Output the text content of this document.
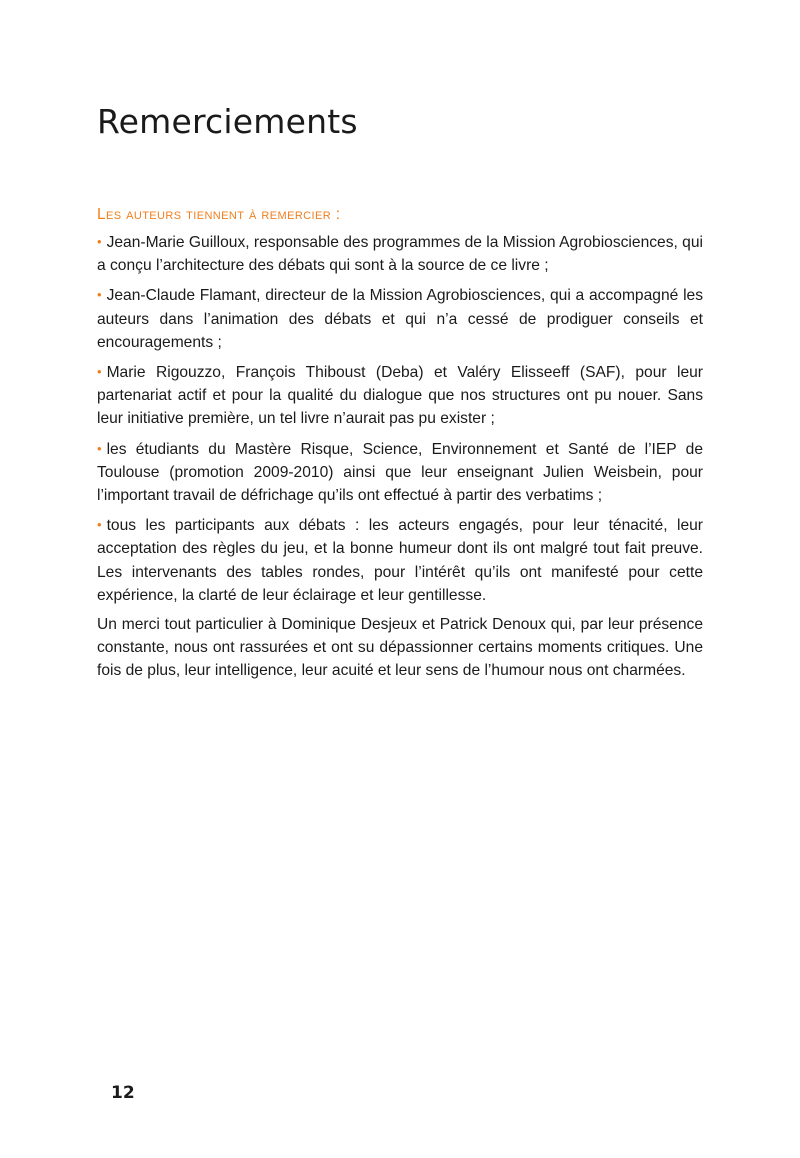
Remerciements

Les auteurs tiennent à remercier :

• Jean-Marie Guilloux, responsable des programmes de la Mission Agrobiosciences, qui a conçu l’architecture des débats qui sont à la source de ce livre ;

• Jean-Claude Flamant, directeur de la Mission Agrobiosciences, qui a accompagné les auteurs dans l’animation des débats et qui n’a cessé de prodiguer conseils et encouragements ;

• Marie Rigouzzo, François Thiboust (Deba) et Valéry Elisseeff (SAF), pour leur partenariat actif et pour la qualité du dialogue que nos structures ont pu nouer. Sans leur initiative première, un tel livre n’aurait pas pu exister ;

• les étudiants du Mastère Risque, Science, Environnement et Santé de l’IEP de Toulouse (promotion 2009-2010) ainsi que leur enseignant Julien Weisbein, pour l’important travail de défrichage qu’ils ont effectué à partir des verbatims ;

• tous les participants aux débats : les acteurs engagés, pour leur ténacité, leur acceptation des règles du jeu, et la bonne humeur dont ils ont malgré tout fait preuve. Les intervenants des tables rondes, pour l’intérêt qu’ils ont manifesté pour cette expérience, la clarté de leur éclairage et leur gentillesse.

Un merci tout particulier à Dominique Desjeux et Patrick Denoux qui, par leur présence constante, nous ont rassurées et ont su dépassionner certains moments critiques. Une fois de plus, leur intelligence, leur acuité et leur sens de l’humour nous ont charmées.

12
